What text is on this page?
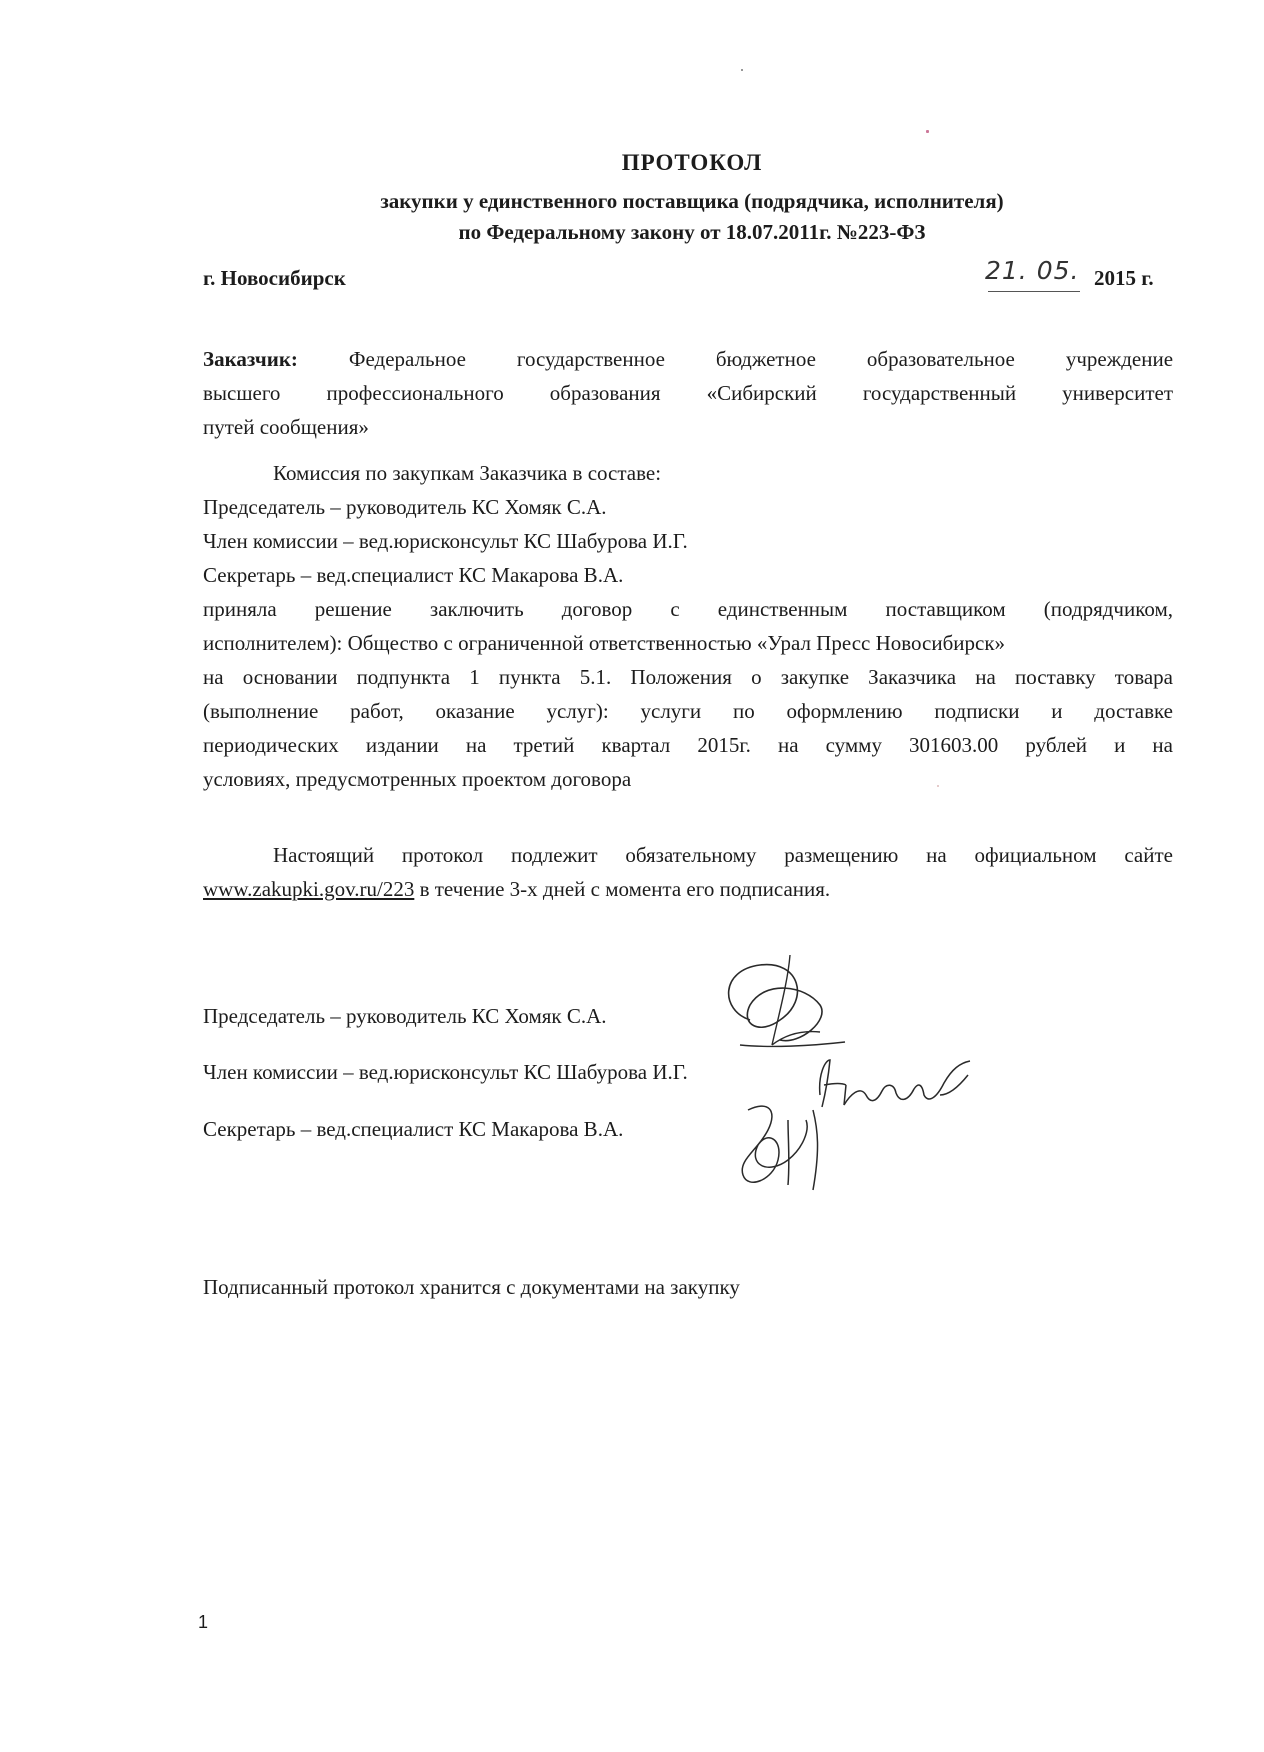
ПРОТОКОЛ
закупки у единственного поставщика (подрядчика, исполнителя)
по Федеральному закону от 18.07.2011г. №223-ФЗ
г. Новосибирск	21. 05. 2015 г.
Заказчик: Федеральное государственное бюджетное образовательное учреждение
высшего профессионального образования «Сибирский государственный университет
путей сообщения»
Комиссия по закупкам Заказчика в составе:
Председатель – руководитель КС Хомяк С.А.
Член комиссии – вед.юрисконсульт КС Шабурова И.Г.
Секретарь – вед.специалист КС Макарова В.А.
приняла решение заключить договор с единственным поставщиком (подрядчиком,
исполнителем): Общество с ограниченной ответственностью «Урал Пресс Новосибирск»
на основании подпункта 1 пункта 5.1. Положения о закупке Заказчика на поставку товара
(выполнение работ, оказание услуг): услуги по оформлению подписки и доставке
периодических издании на третий квартал 2015г. на сумму 301603.00 рублей и на
условиях, предусмотренных проектом договора
Настоящий протокол подлежит обязательному размещению на официальном сайте
www.zakupki.gov.ru/223 в течение 3-х дней с момента его подписания.
Председатель – руководитель КС Хомяк С.А.
Член комиссии – вед.юрисконсульт КС Шабурова И.Г.
Секретарь – вед.специалист КС Макарова В.А.
Подписанный протокол хранится с документами на закупку
1
